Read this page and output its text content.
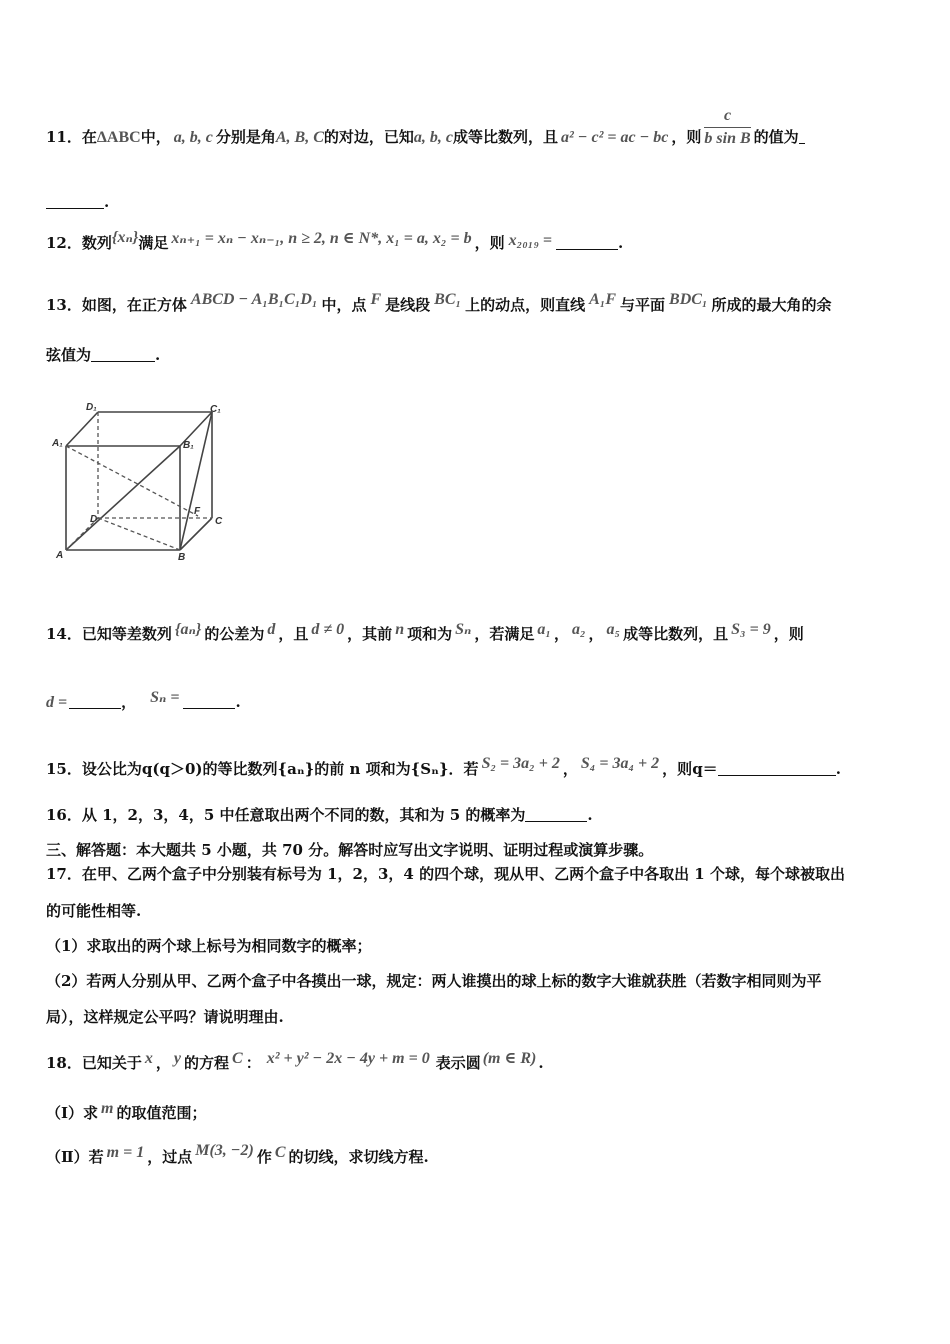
11．在ΔABC中， a, b, c 分别是角A, B, C的对边，已知a, b, c成等比数列，且 a² − c² = ac − bc ，则 $\frac{c}{\text{b sin B}}$ 的值为
.
12．数列{xₙ}满足 xₙ₊₁ = xₙ − xₙ₋₁, n ≥ 2, n ∈ N*, x₁ = a, x₂ = b ，则 x₂₀₁₉ =	.
13．如图，在正方体 ABCD − A₁B₁C₁D₁ 中，点 F 是线段 BC₁ 上的动点，则直线 A₁F 与平面 BDC₁ 所成的最大角的余
弦值为	.
D₁	C₁
A₁	B₁
D
F
C
A	B
14．已知等差数列 {aₙ} 的公差为 d ，且 d ≠ 0 ，其前 n 项和为 Sₙ ，若满足 a₁ ， a₂ ， a₅ 成等比数列，且 S₃ = 9 ，则
d =	， Sₙ =	.
15．设公比为q(q＞0)的等比数列{aₙ}的前 n 项和为{Sₙ}．若 S₂ = 3a₂ + 2 ， S₄ = 3a₄ + 2 ，则q＝	.
16．从 1，2，3，4，5 中任意取出两个不同的数，其和为 5 的概率为	.
三、解答题：本大题共 5 小题，共 70 分。解答时应写出文字说明、证明过程或演算步骤。
17．在甲、乙两个盒子中分别装有标号为 1，2，3，4 的四个球，现从甲、乙两个盒子中各取出 1 个球，每个球被取出
的可能性相等.
（1）求取出的两个球上标号为相同数字的概率；
（2）若两人分别从甲、乙两个盒子中各摸出一球，规定：两人谁摸出的球上标的数字大谁就获胜（若数字相同则为平
局），这样规定公平吗？请说明理由.
18．已知关于 x ， y 的方程 C ： x² + y² − 2x − 4y + m = 0 表示圆 (m ∈ R) .
（Ⅰ）求 m 的取值范围；
（Ⅱ）若 m = 1 ，过点 M(3, −2) 作 C 的切线，求切线方程.
